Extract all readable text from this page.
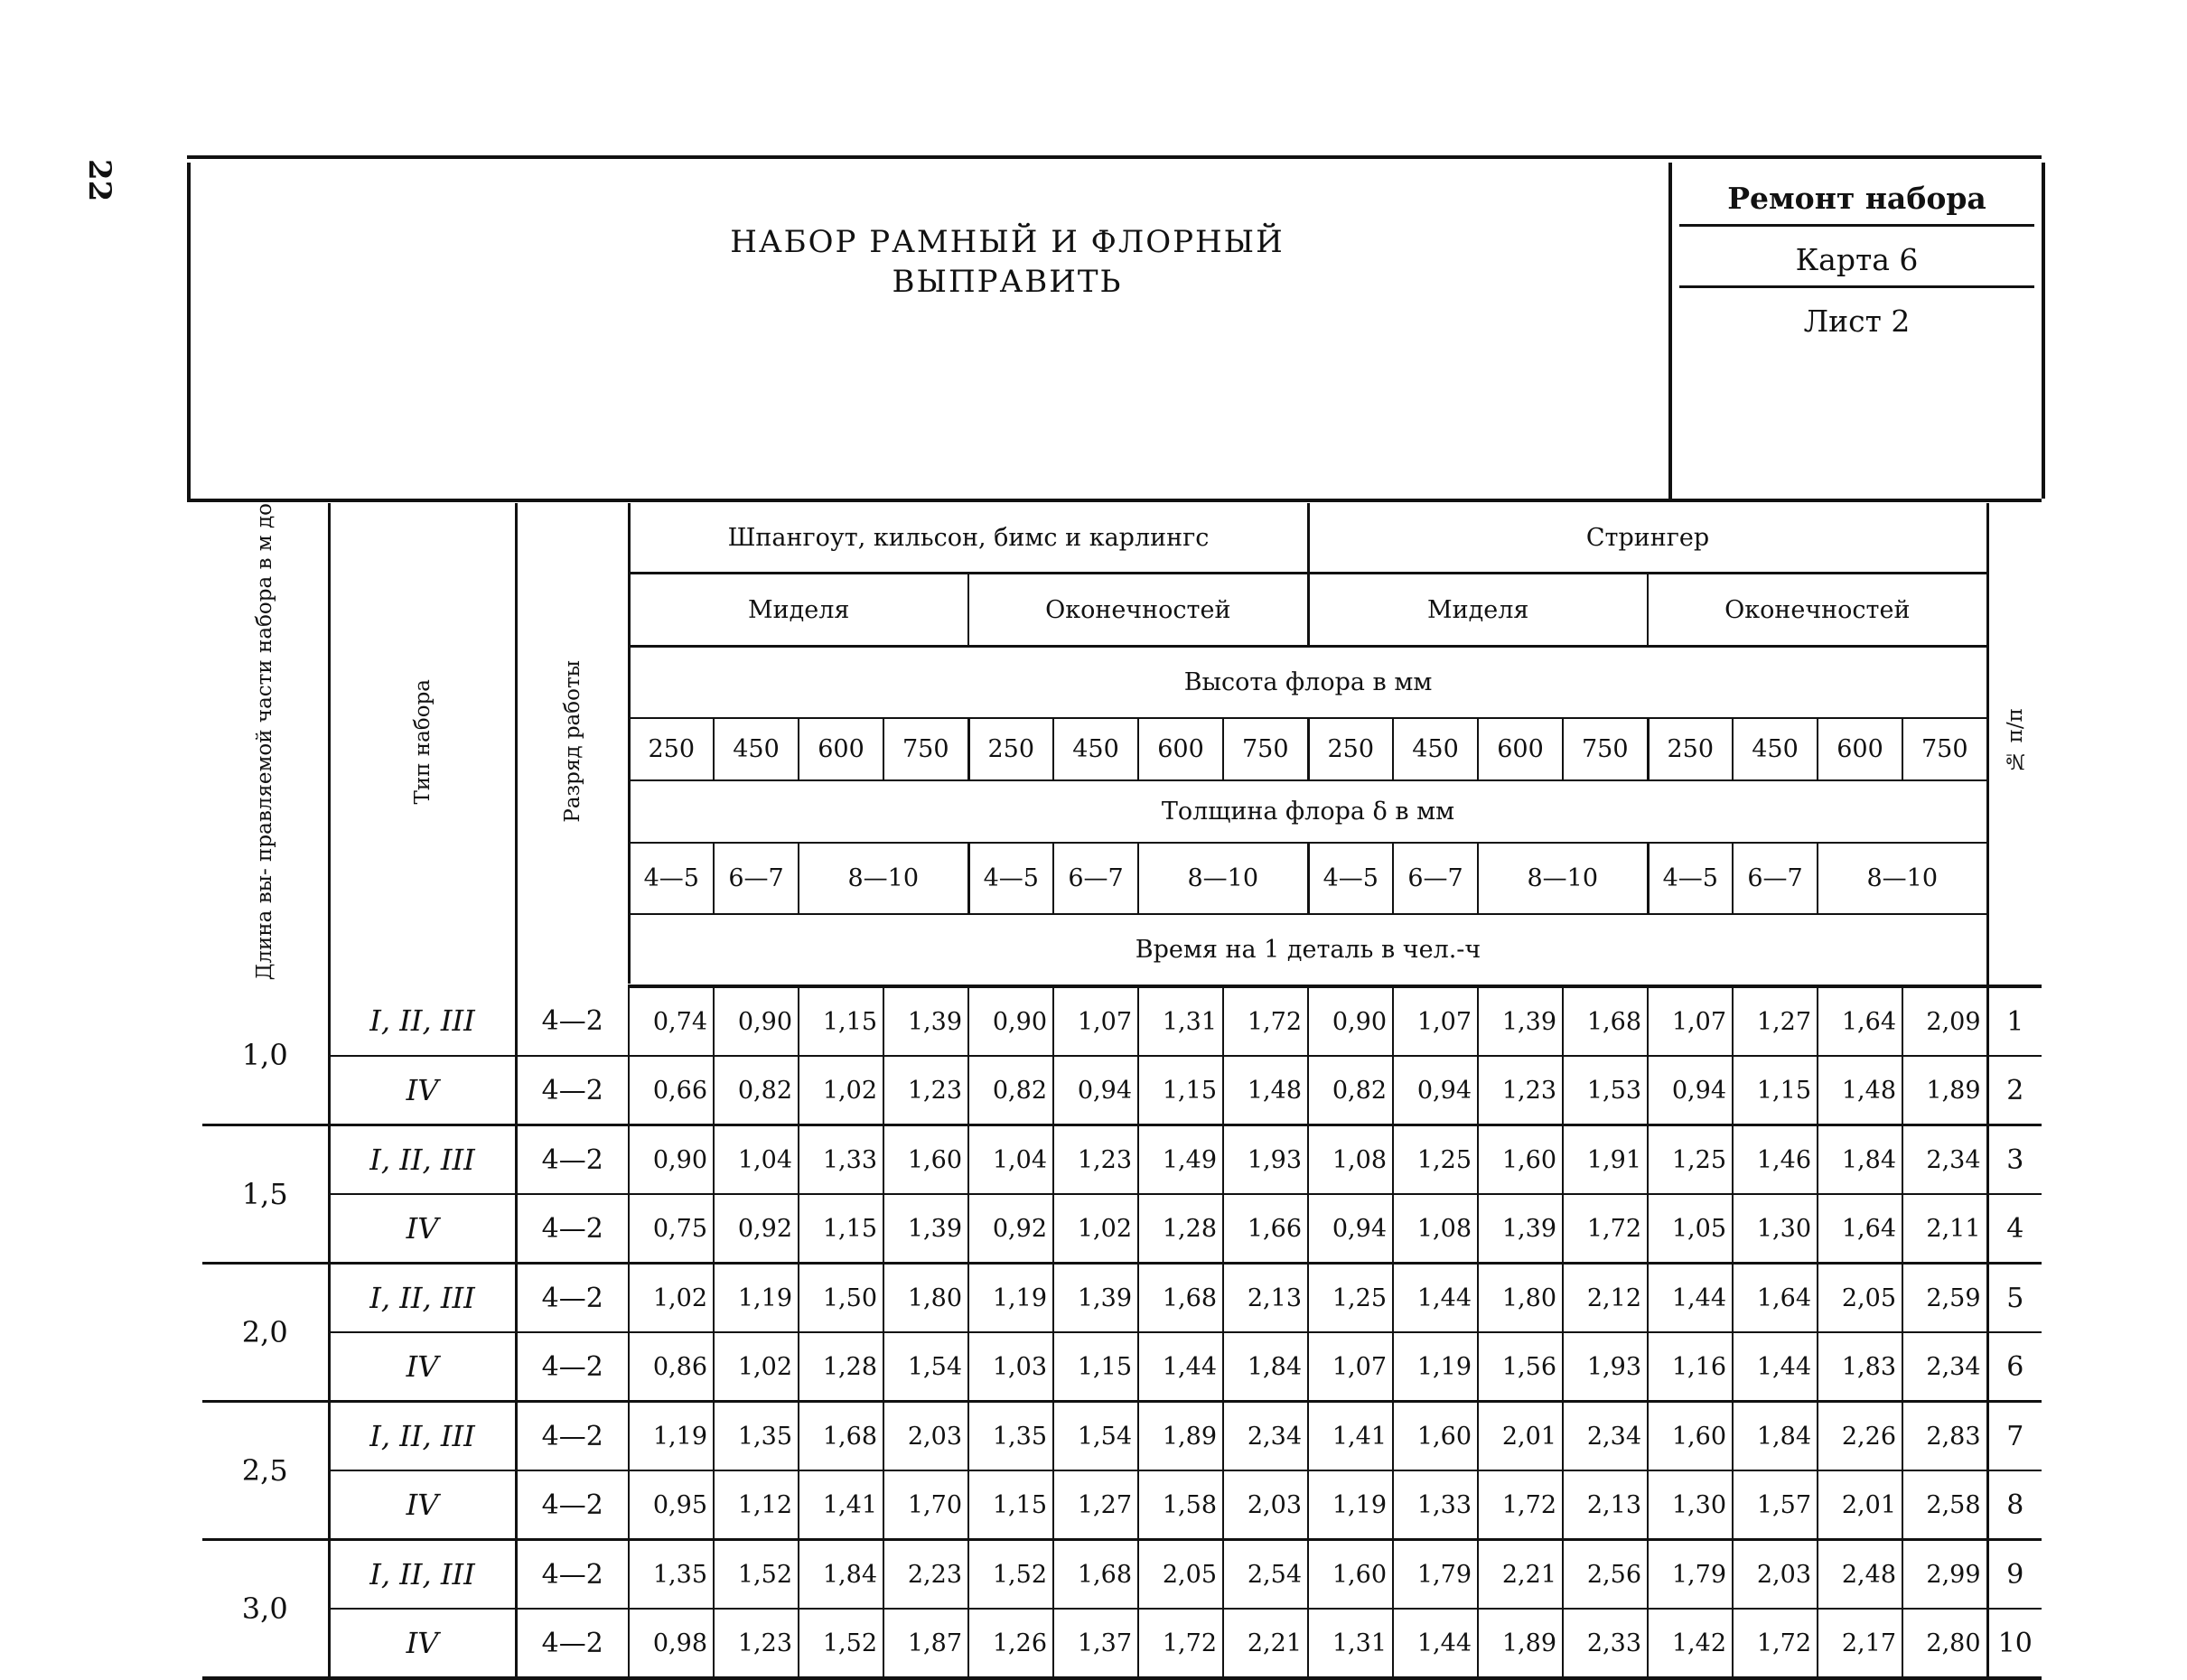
22
НАБОР РАМНЫЙ И ФЛОРНЫЙ
ВЫПРАВИТЬ
Ремонт набора
Карта 6
Лист 2
Длина вы- правляемой части набора в м до	Тип набора	Разряд работы	Шпангоут, кильсон, бимс и карлингс								Стрингер								№ п/п
			Миделя				Оконечностей				Миделя				Оконечностей				
			Высота флора в мм																
			250	450	600	750	250	450	600	750	250	450	600	750	250	450	600	750	
			Толщина флора δ в мм																
			4—5	6—7	8—10		4—5	6—7	8—10		4—5	6—7	8—10		4—5	6—7	8—10		
			Время на 1 деталь в чел.-ч																

1,0	I, II, III	4—2	0,74	0,90	1,15	1,39	0,90	1,07	1,31	1,72	0,90	1,07	1,39	1,68	1,07	1,27	1,64	2,09	1
	IV	4—2	0,66	0,82	1,02	1,23	0,82	0,94	1,15	1,48	0,82	0,94	1,23	1,53	0,94	1,15	1,48	1,89	2
1,5	I, II, III	4—2	0,90	1,04	1,33	1,60	1,04	1,23	1,49	1,93	1,08	1,25	1,60	1,91	1,25	1,46	1,84	2,34	3
	IV	4—2	0,75	0,92	1,15	1,39	0,92	1,02	1,28	1,66	0,94	1,08	1,39	1,72	1,05	1,30	1,64	2,11	4
2,0	I, II, III	4—2	1,02	1,19	1,50	1,80	1,19	1,39	1,68	2,13	1,25	1,44	1,80	2,12	1,44	1,64	2,05	2,59	5
	IV	4—2	0,86	1,02	1,28	1,54	1,03	1,15	1,44	1,84	1,07	1,19	1,56	1,93	1,16	1,44	1,83	2,34	6
2,5	I, II, III	4—2	1,19	1,35	1,68	2,03	1,35	1,54	1,89	2,34	1,41	1,60	2,01	2,34	1,60	1,84	2,26	2,83	7
	IV	4—2	0,95	1,12	1,41	1,70	1,15	1,27	1,58	2,03	1,19	1,33	1,72	2,13	1,30	1,57	2,01	2,58	8
3,0	I, II, III	4—2	1,35	1,52	1,84	2,23	1,52	1,68	2,05	2,54	1,60	1,79	2,21	2,56	1,79	2,03	2,48	2,99	9
	IV	4—2	0,98	1,23	1,52	1,87	1,26	1,37	1,72	2,21	1,31	1,44	1,89	2,33	1,42	1,72	2,17	2,80	10
